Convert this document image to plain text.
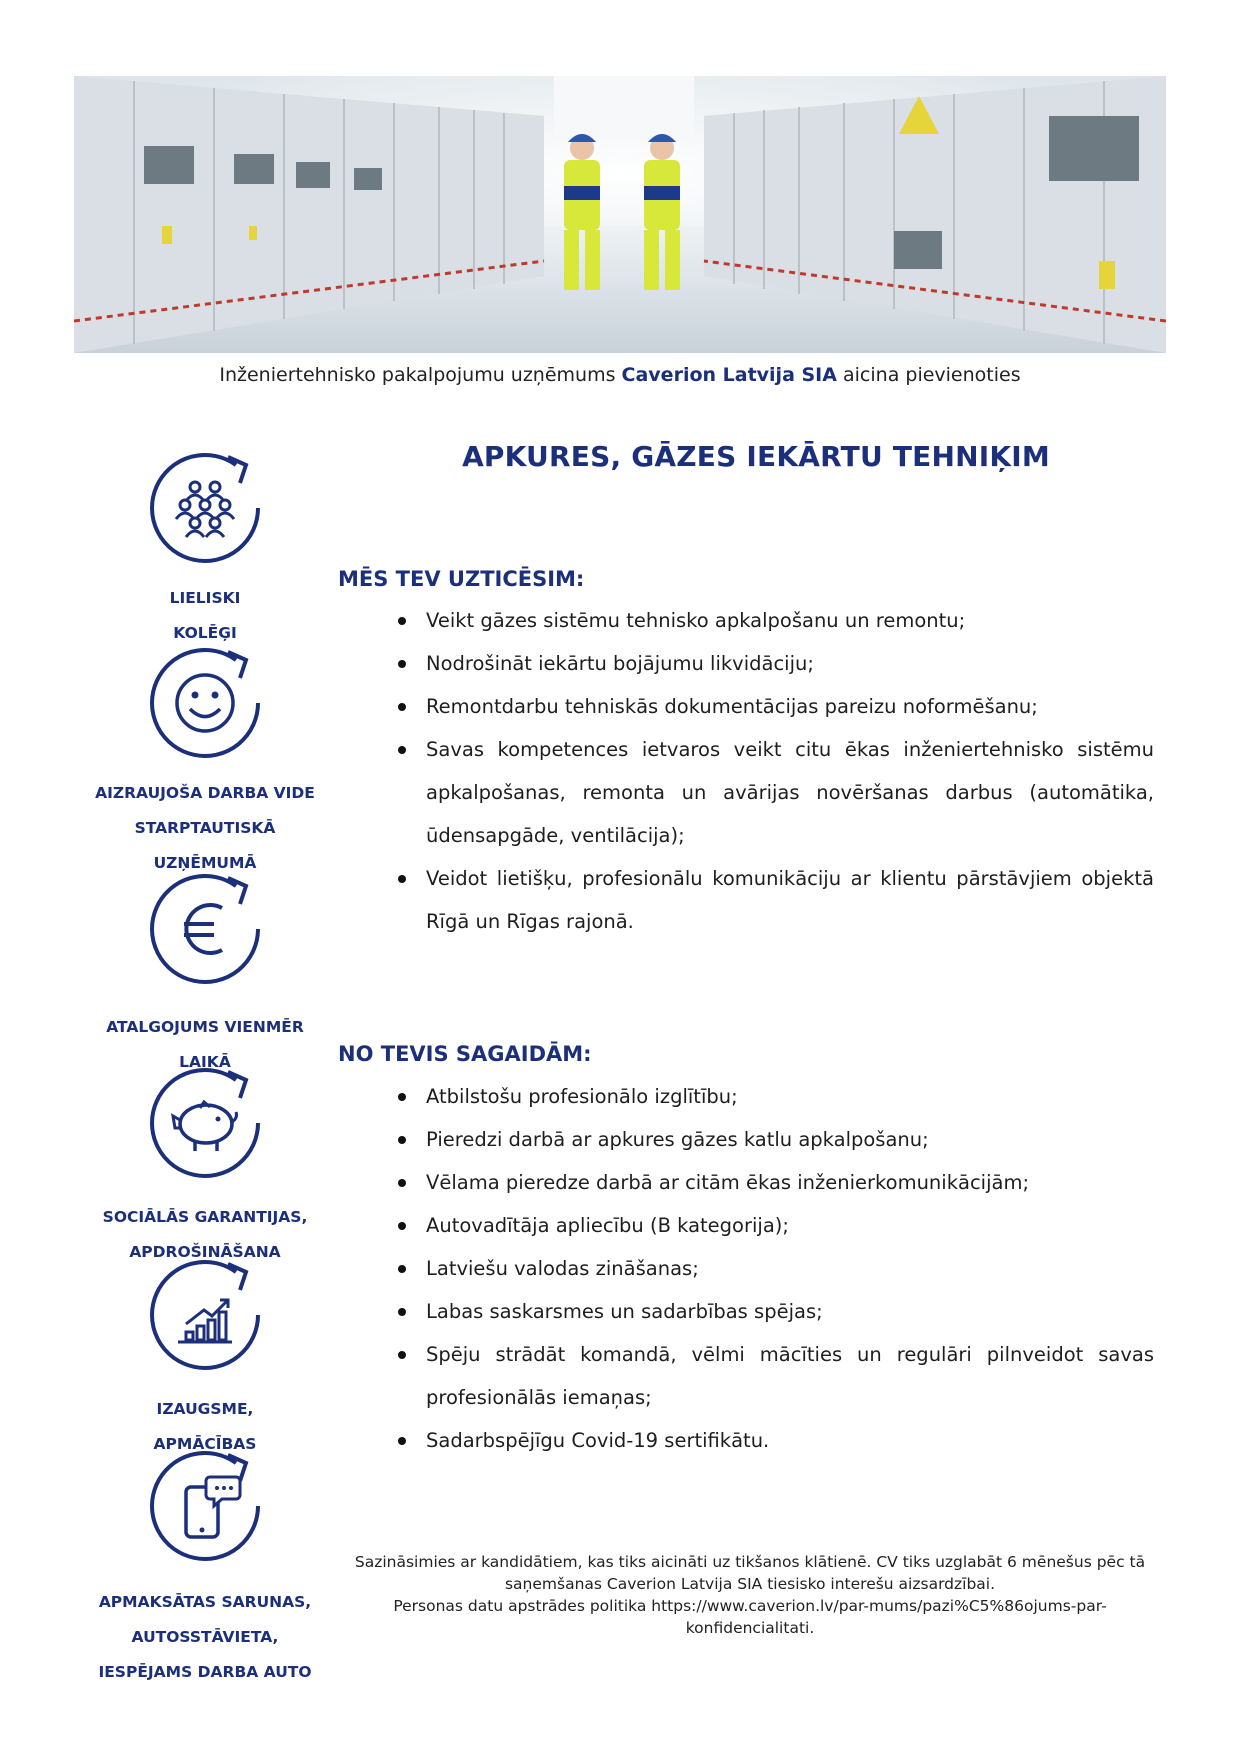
Inženiertehnisko pakalpojumu uzņēmums Caverion Latvija SIA aicina pievienoties
APKURES, GĀZES IEKĀRTU TEHNIĶIM
MĒS TEV UZTICĒSIM:
Veikt gāzes sistēmu tehnisko apkalpošanu un remontu;
Nodrošināt iekārtu bojājumu likvidāciju;
Remontdarbu tehniskās dokumentācijas pareizu noformēšanu;
Savas kompetences ietvaros veikt citu ēkas inženiertehnisko sistēmu apkalpošanas, remonta un avārijas novēršanas darbus (automātika, ūdensapgāde, ventilācija);
Veidot lietišķu, profesionālu komunikāciju ar klientu pārstāvjiem objektā Rīgā un Rīgas rajonā.
NO TEVIS SAGAIDĀM:
Atbilstošu profesionālo izglītību;
Pieredzi darbā ar apkures gāzes katlu apkalpošanu;
Vēlama pieredze darbā ar citām ēkas inženierkomunikācijām;
Autovadītāja apliecību (B kategorija);
Latviešu valodas zināšanas;
Labas saskarsmes un sadarbības spējas;
Spēju strādāt komandā, vēlmi mācīties un regulāri pilnveidot savas profesionālās iemaņas;
Sadarbspējīgu Covid-19 sertifikātu.
LIELISKI
KOLĒĢI
AIZRAUJOŠA DARBA VIDE
STARPTAUTISKĀ
UZŅĒMUMĀ
ATALGOJUMS VIENMĒR
LAIKĀ
SOCIĀLĀS GARANTIJAS,
APDROŠINĀŠANA
IZAUGSME,
APMĀCĪBAS
APMAKSĀTAS SARUNAS,
AUTOSSTĀVIETA,
IESPĒJAMS DARBA AUTO
Sazināsimies ar kandidātiem, kas tiks aicināti uz tikšanos klātienē. CV tiks uzglabāt 6 mēnešus pēc tā
saņemšanas Caverion Latvija SIA tiesisko interešu aizsardzībai.
Personas datu apstrādes politika https://www.caverion.lv/par-mums/pazi%C5%86ojums-par-
konfidencialitati.
